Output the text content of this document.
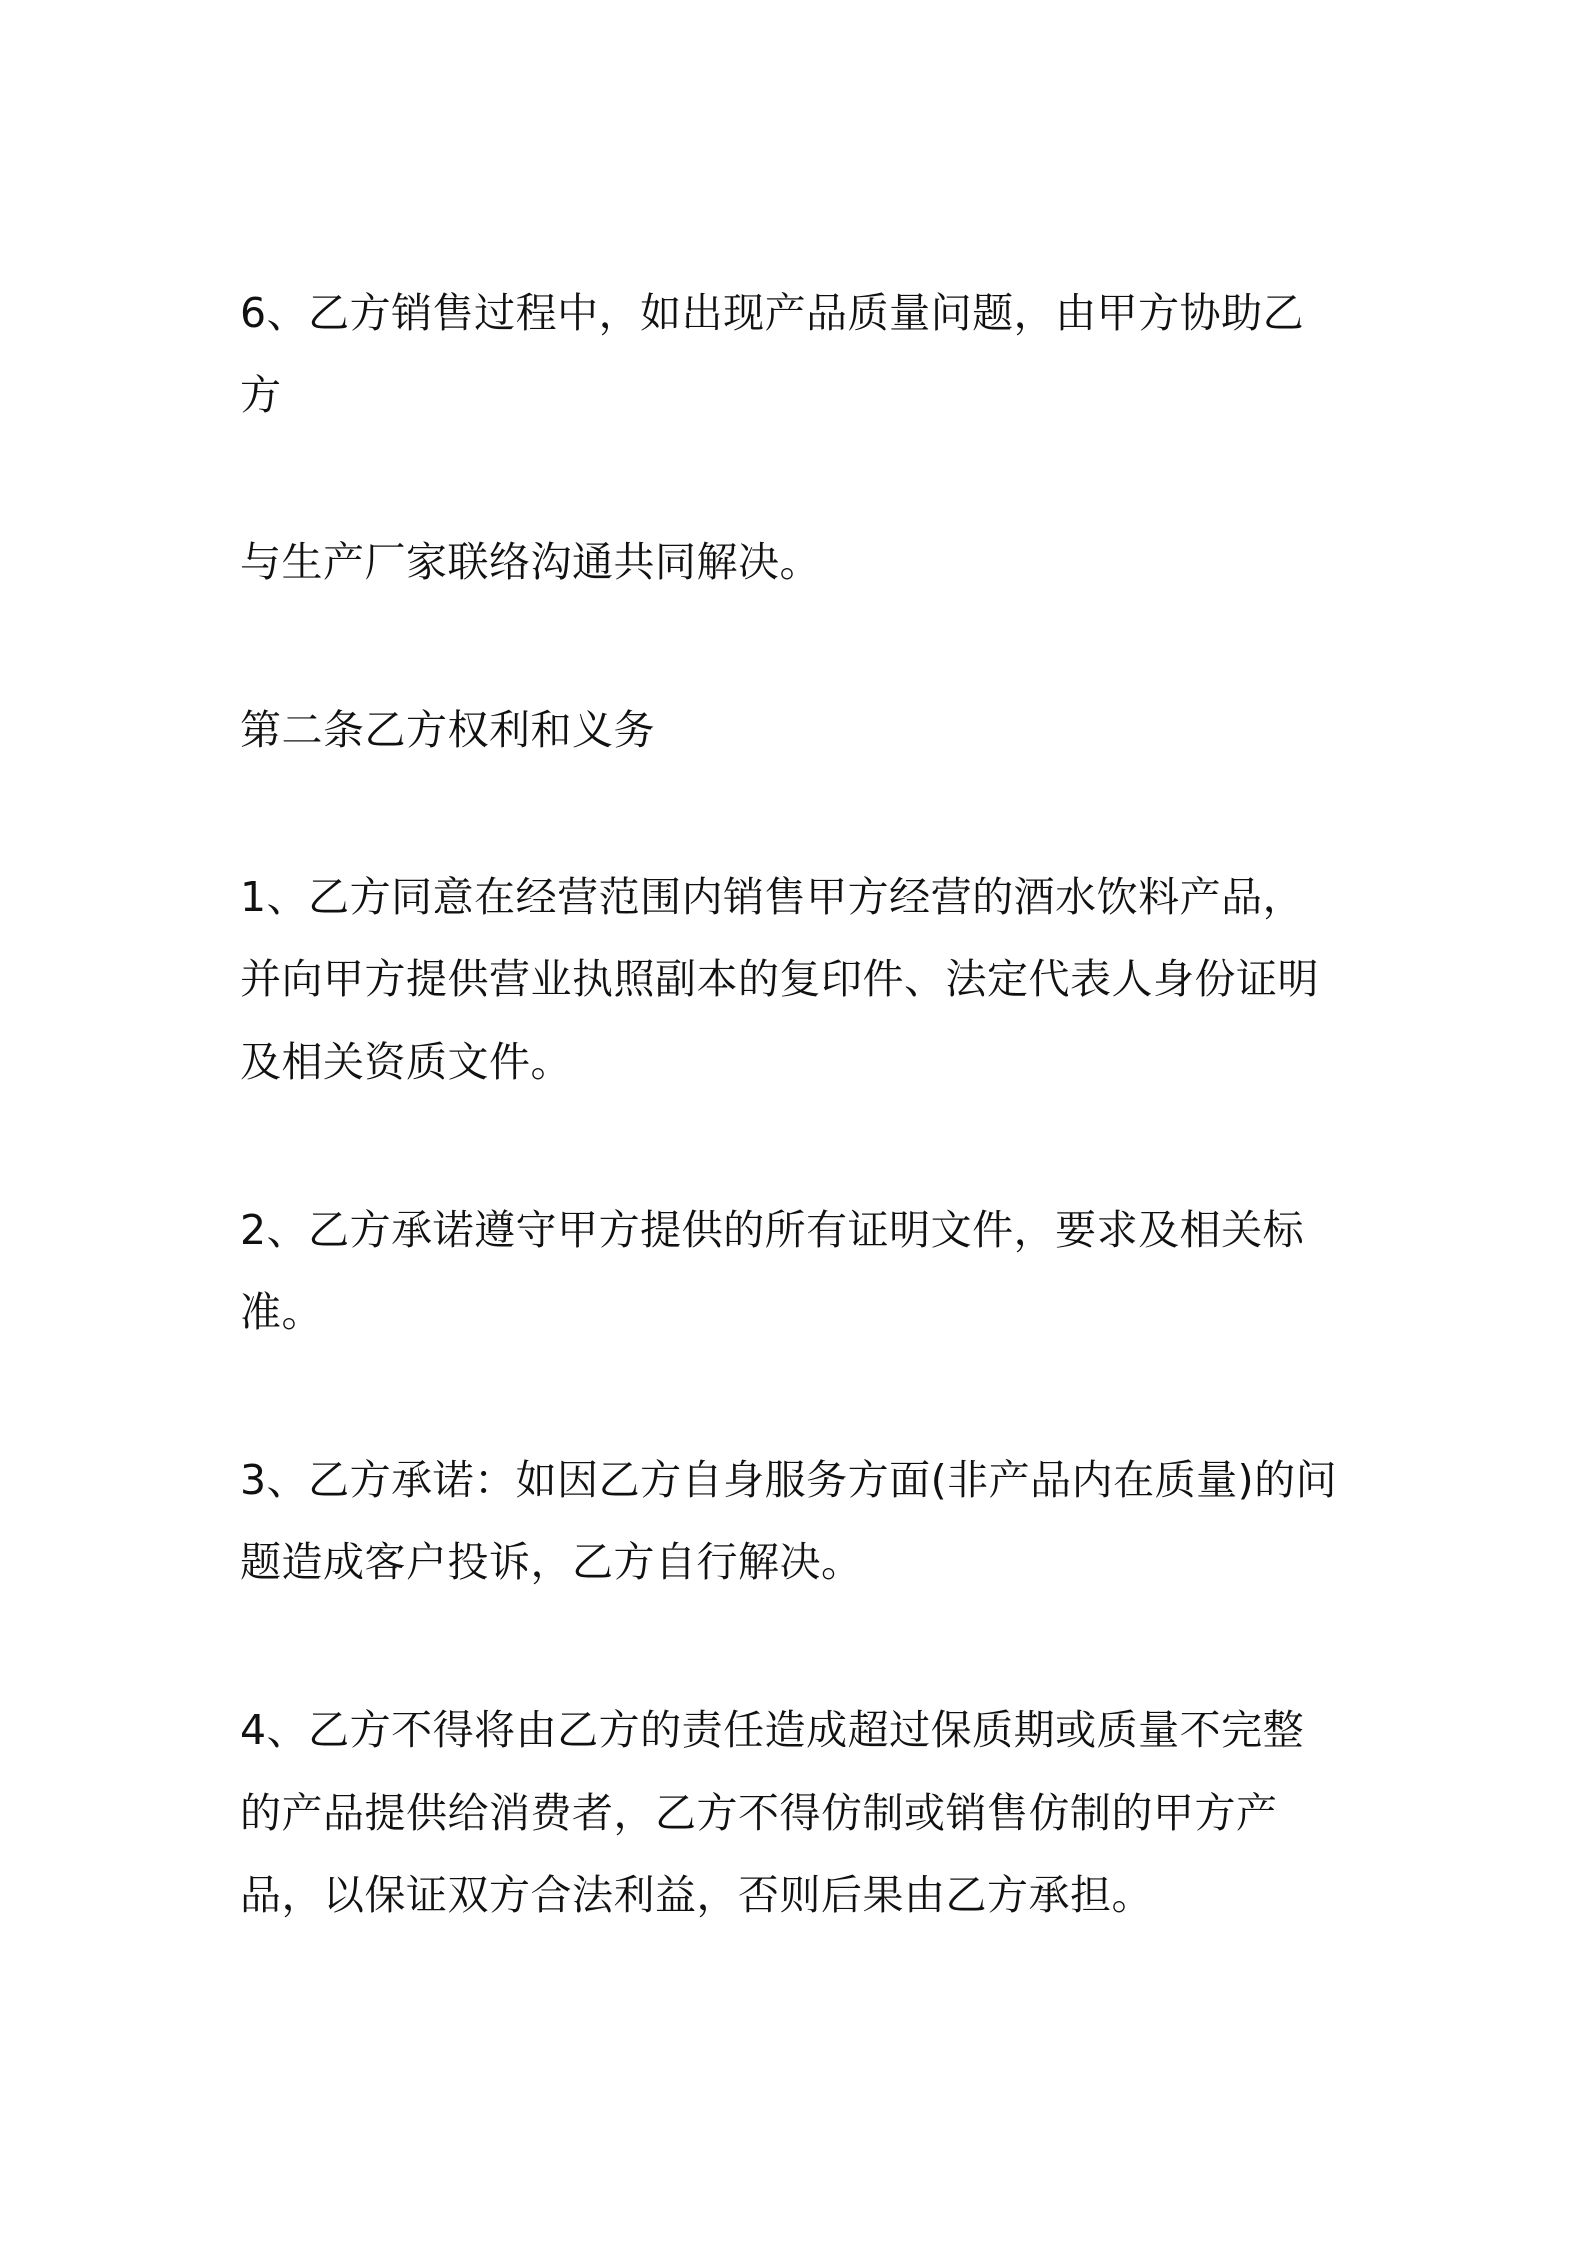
6、乙方销售过程中，如出现产品质量问题，由甲方协助乙

方

与生产厂家联络沟通共同解决。

第二条乙方权利和义务

1、乙方同意在经营范围内销售甲方经营的酒水饮料产品，

并向甲方提供营业执照副本的复印件、法定代表人身份证明

及相关资质文件。

2、乙方承诺遵守甲方提供的所有证明文件，要求及相关标

准。

3、乙方承诺：如因乙方自身服务方面(非产品内在质量)的问

题造成客户投诉，乙方自行解决。

4、乙方不得将由乙方的责任造成超过保质期或质量不完整

的产品提供给消费者，乙方不得仿制或销售仿制的甲方产

品，以保证双方合法利益，否则后果由乙方承担。
